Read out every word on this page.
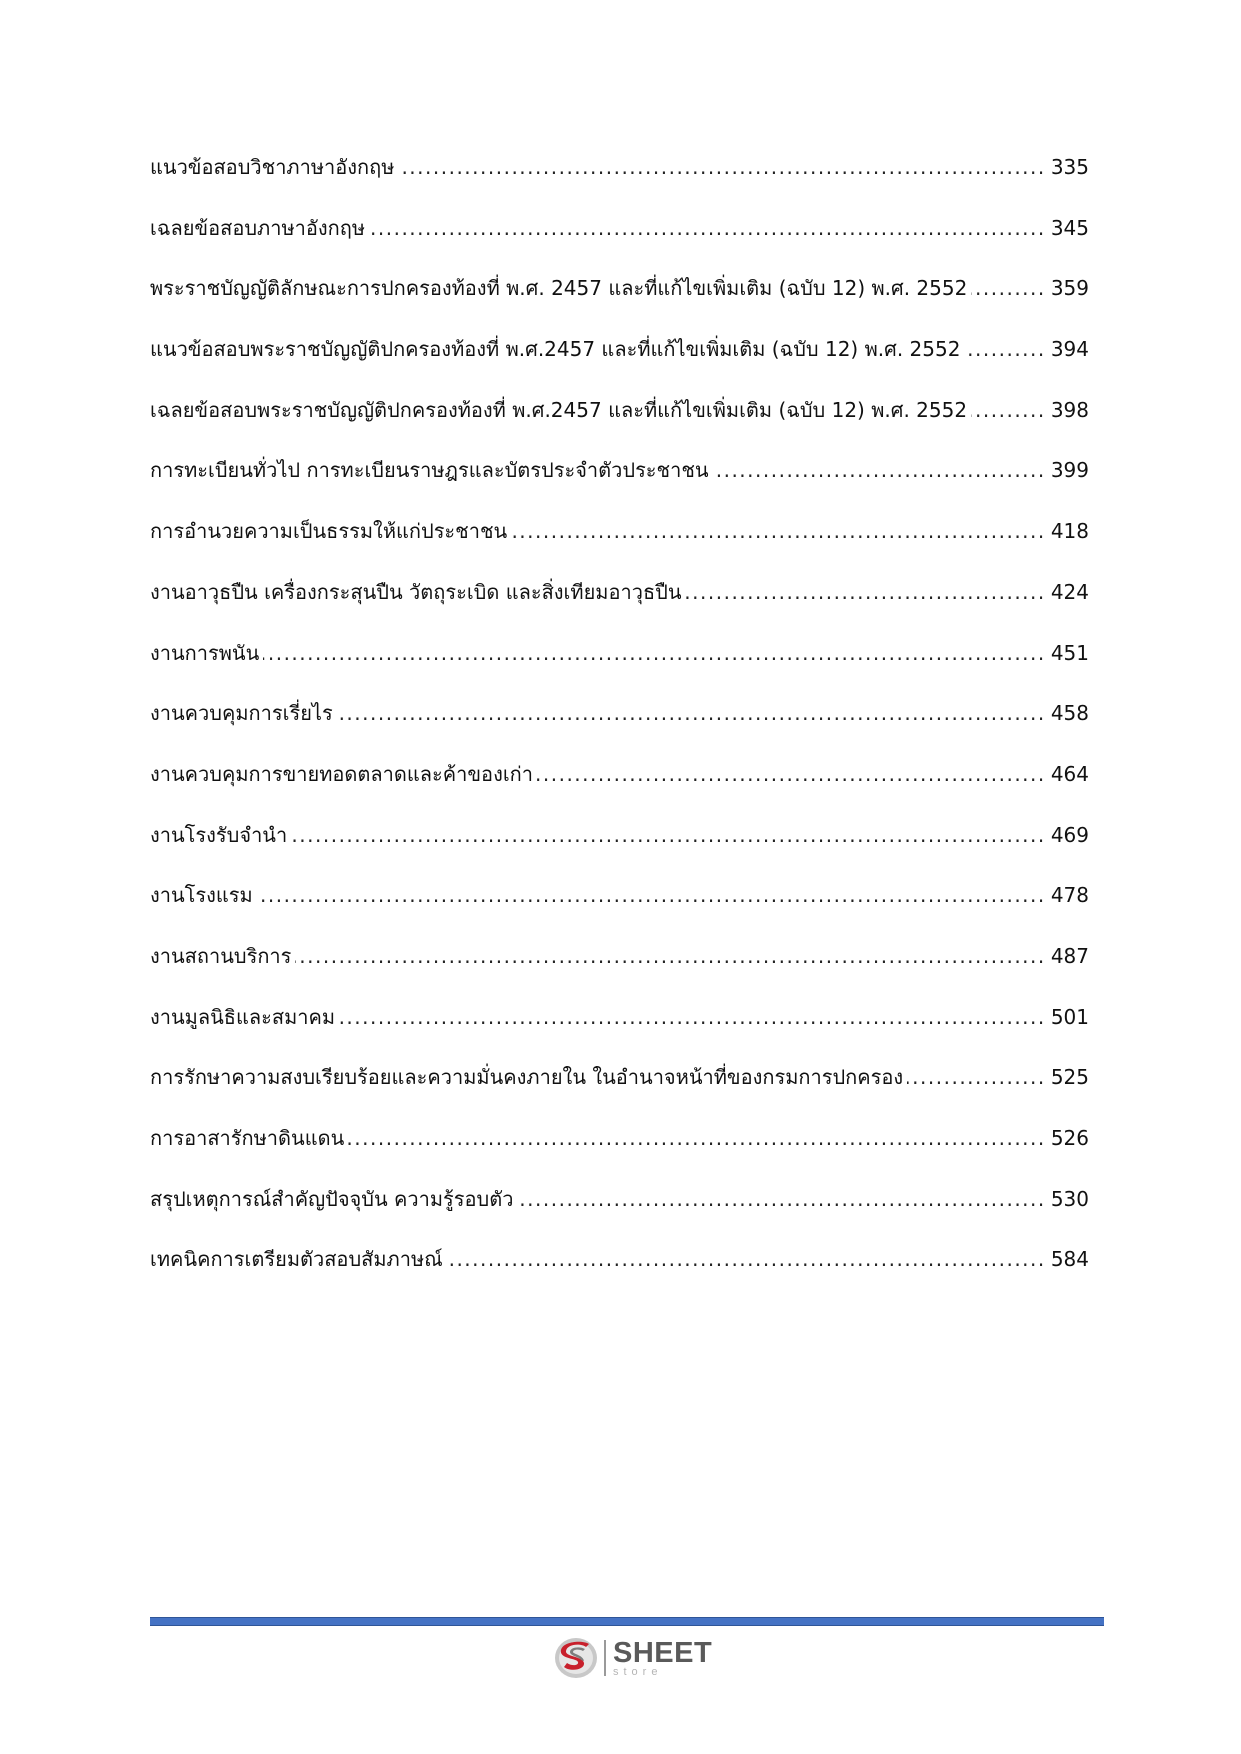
..... แนวข้อสอบวิชาภาษาอังกฤษ	335
..... เฉลยข้อสอบภาษาอังกฤษ	345
..... พระราชบัญญัติลักษณะการปกครองท้องที่ พ.ศ. 2457 และที่แก้ไขเพิ่มเติม (ฉบับ 12) พ.ศ. 2552	359
..... แนวข้อสอบพระราชบัญญัติปกครองท้องที่ พ.ศ.2457 และที่แก้ไขเพิ่มเติม (ฉบับ 12) พ.ศ. 2552	394
..... เฉลยข้อสอบพระราชบัญญัติปกครองท้องที่ พ.ศ.2457 และที่แก้ไขเพิ่มเติม (ฉบับ 12) พ.ศ. 2552	398
..... การทะเบียนทั่วไป การทะเบียนราษฎรและบัตรประจำตัวประชาชน	399
..... การอำนวยความเป็นธรรมให้แก่ประชาชน	418
..... งานอาวุธปืน เครื่องกระสุนปืน วัตถุระเบิด และสิ่งเทียมอาวุธปืน	424
..... งานการพนัน	451
..... งานควบคุมการเรี่ยไร	458
..... งานควบคุมการขายทอดตลาดและค้าของเก่า	464
..... งานโรงรับจำนำ	469
..... งานโรงแรม	478
..... งานสถานบริการ	487
..... งานมูลนิธิและสมาคม	501
..... การรักษาความสงบเรียบร้อยและความมั่นคงภายใน ในอำนาจหน้าที่ของกรมการปกครอง	525
..... การอาสารักษาดินแดน	526
..... สรุปเหตุการณ์สำคัญปัจจุบัน ความรู้รอบตัว	530
..... เทคนิคการเตรียมตัวสอบสัมภาษณ์	584
SHEET
store
